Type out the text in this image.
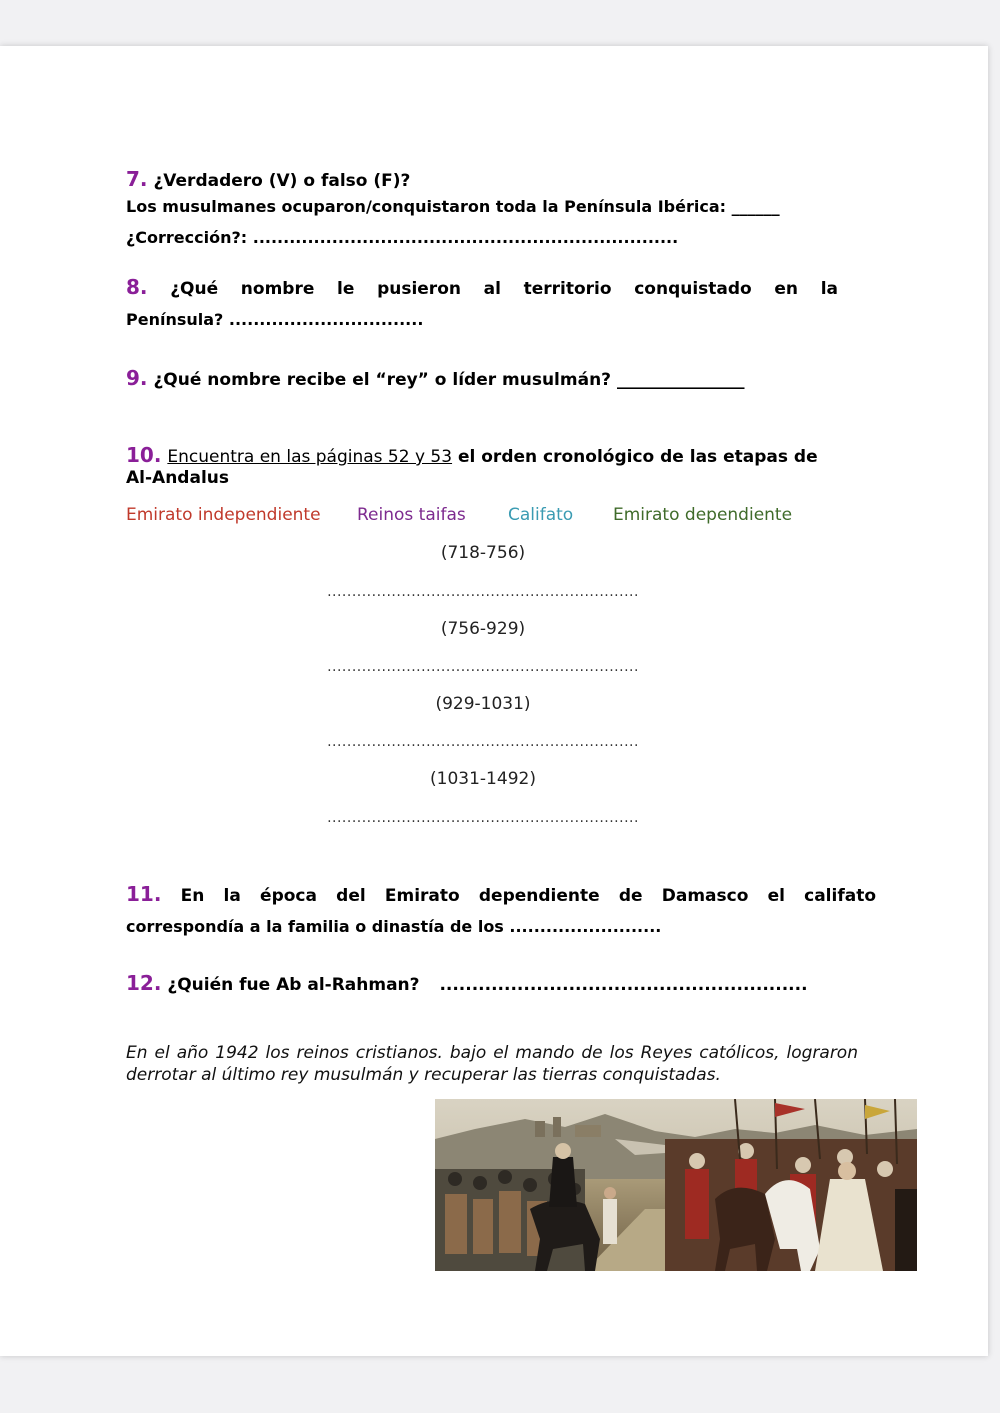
7. ¿Verdadero (V) o falso (F)?
Los musulmanes ocuparon/conquistaron toda la Península Ibérica: ______
¿Corrección?: ......................................................................
8. ¿Qué nombre le pusieron al territorio conquistado en la
Península? ................................
9. ¿Qué nombre recibe el “rey” o líder musulmán? _______________
10. Encuentra en las páginas 52 y 53 el orden cronológico de las etapas de
Al-Andalus
Emirato independiente Reinos taifas Califato Emirato dependiente
(718-756)
...............................................................
(756-929)
...............................................................
(929-1031)
...............................................................
(1031-1492)
...............................................................
11. En la época del Emirato dependiente de Damasco el califato
correspondía a la familia o dinastía de los .........................
12. ¿Quién fue Ab al-Rahman? .........................................................
En el año 1942 los reinos cristianos. bajo el mando de los Reyes católicos, lograron derrotar al último rey musulmán y recuperar las tierras conquistadas.
